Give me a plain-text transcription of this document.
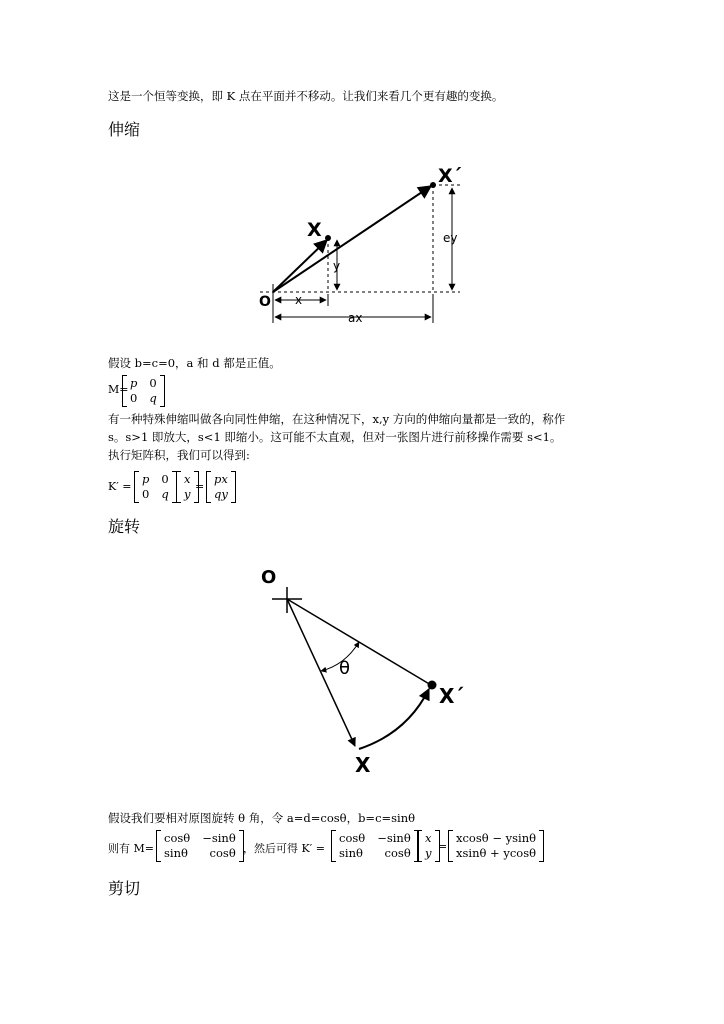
这是一个恒等变换，即 K 点在平面并不移动。让我们来看几个更有趣的变换。
伸缩
X
X´
O x
y
ax
ey
假设 b=c=0，a 和 d 都是正值。
M= p 0
0 q
有一种特殊伸缩叫做各向同性伸缩，在这种情况下，x,y 方向的伸缩向量都是一致的，称作
s。s>1 即放大，s<1 即缩小。这可能不太直观，但对一张图片进行前移操作需要 s<1。
执行矩阵积，我们可以得到:
K′ =
p 0
0 q
x
y
=
px
qy
旋转
O
X
X´
θ
假设我们要相对原图旋转 θ 角，令 a=d=cosθ，b=c=sinθ
则有 M=
cosθ −sinθ
sinθ	cosθ ，然后可得 K′ =
cosθ −sinθ
sinθ	cosθ
x
y =
xcosθ − ysinθ
xsinθ + ycosθ
剪切
